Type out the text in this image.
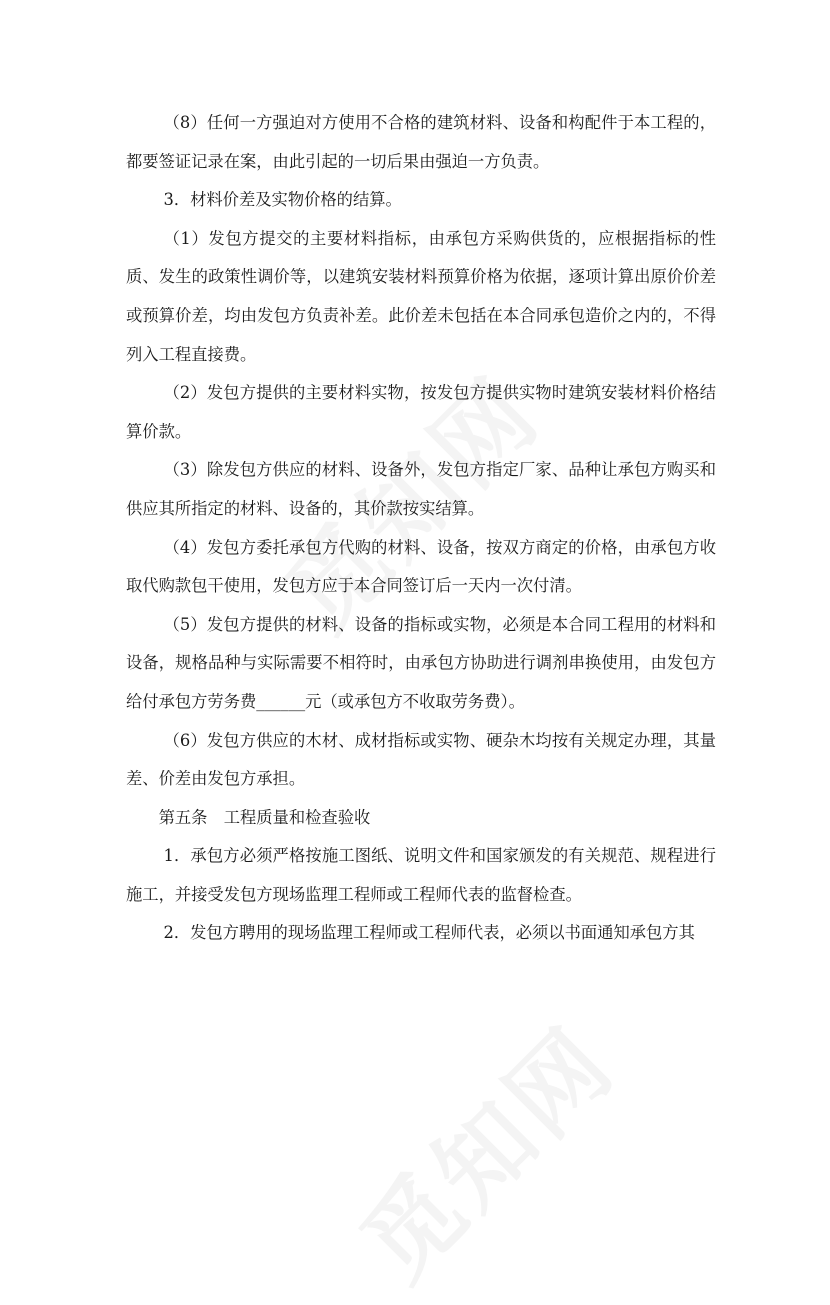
（8）任何一方强迫对方使用不合格的建筑材料、设备和构配件于本工程的，都要签证记录在案，由此引起的一切后果由强迫一方负责。

3．材料价差及实物价格的结算。

（1）发包方提交的主要材料指标，由承包方采购供货的，应根据指标的性质、发生的政策性调价等，以建筑安装材料预算价格为依据，逐项计算出原价价差或预算价差，均由发包方负责补差。此价差未包括在本合同承包造价之内的，不得列入工程直接费。

（2）发包方提供的主要材料实物，按发包方提供实物时建筑安装材料价格结算价款。

（3）除发包方供应的材料、设备外，发包方指定厂家、品种让承包方购买和供应其所指定的材料、设备的，其价款按实结算。

（4）发包方委托承包方代购的材料、设备，按双方商定的价格，由承包方收取代购款包干使用，发包方应于本合同签订后一天内一次付清。

（5）发包方提供的材料、设备的指标或实物，必须是本合同工程用的材料和设备，规格品种与实际需要不相符时，由承包方协助进行调剂串换使用，由发包方给付承包方劳务费______元（或承包方不收取劳务费）。

（6）发包方供应的木材、成材指标或实物、硬杂木均按有关规定办理，其量差、价差由发包方承担。

第五条　工程质量和检查验收

1．承包方必须严格按施工图纸、说明文件和国家颁发的有关规范、规程进行施工，并接受发包方现场监理工程师或工程师代表的监督检查。

2．发包方聘用的现场监理工程师或工程师代表，必须以书面通知承包方其
